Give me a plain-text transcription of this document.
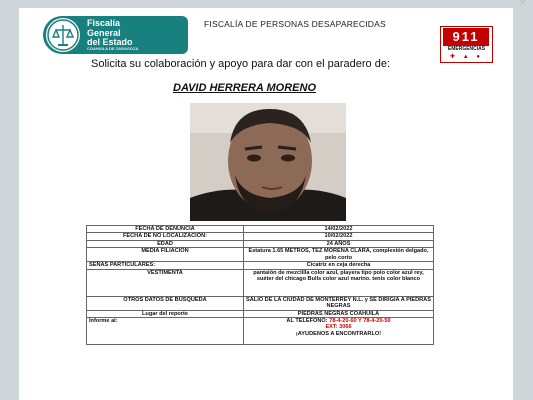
✕
Fiscalía
General
del Estado
COAHUILA DE ZARAGOZA
FISCALÍA DE PERSONAS DESAPARECIDAS
911
EMERGENCIAS
✚ ▲ ●
Solicita su colaboración y apoyo para dar con el paradero de:
DAVID HERRERA MORENO
FECHA DE DENUNCIA	14/02/2022
FECHA DE NO LOCALIZACIÓN:	10/02/2022
EDAD	24 AÑOS
MEDIA FILIACIÓN	Estatura 1.65 METROS, TEZ MORENA CLARA, complexión delgado, pelo corto
SEÑAS PARTICULARES:	Cicatriz en ceja derecha
VESTIMENTA	pantalón de mezclilla color azul, playera tipo polo color azul rey, suéter del chicago Bulls color azul marino. tenis color blanco
OTROS DATOS DE BÚSQUEDA	SALIO DE LA CIUDAD DE MONTERREY N.L. y SE DIRIGIA A PIEDRAS NEGRAS
Lugar del reporte	PIEDRAS NEGRAS COAHUILA
Informe al:	AL TELEFONO: 78-4-20-60 Y 78-4-20-50
EXT: 3066
¡AYUDENOS A ENCONTRARLO!
